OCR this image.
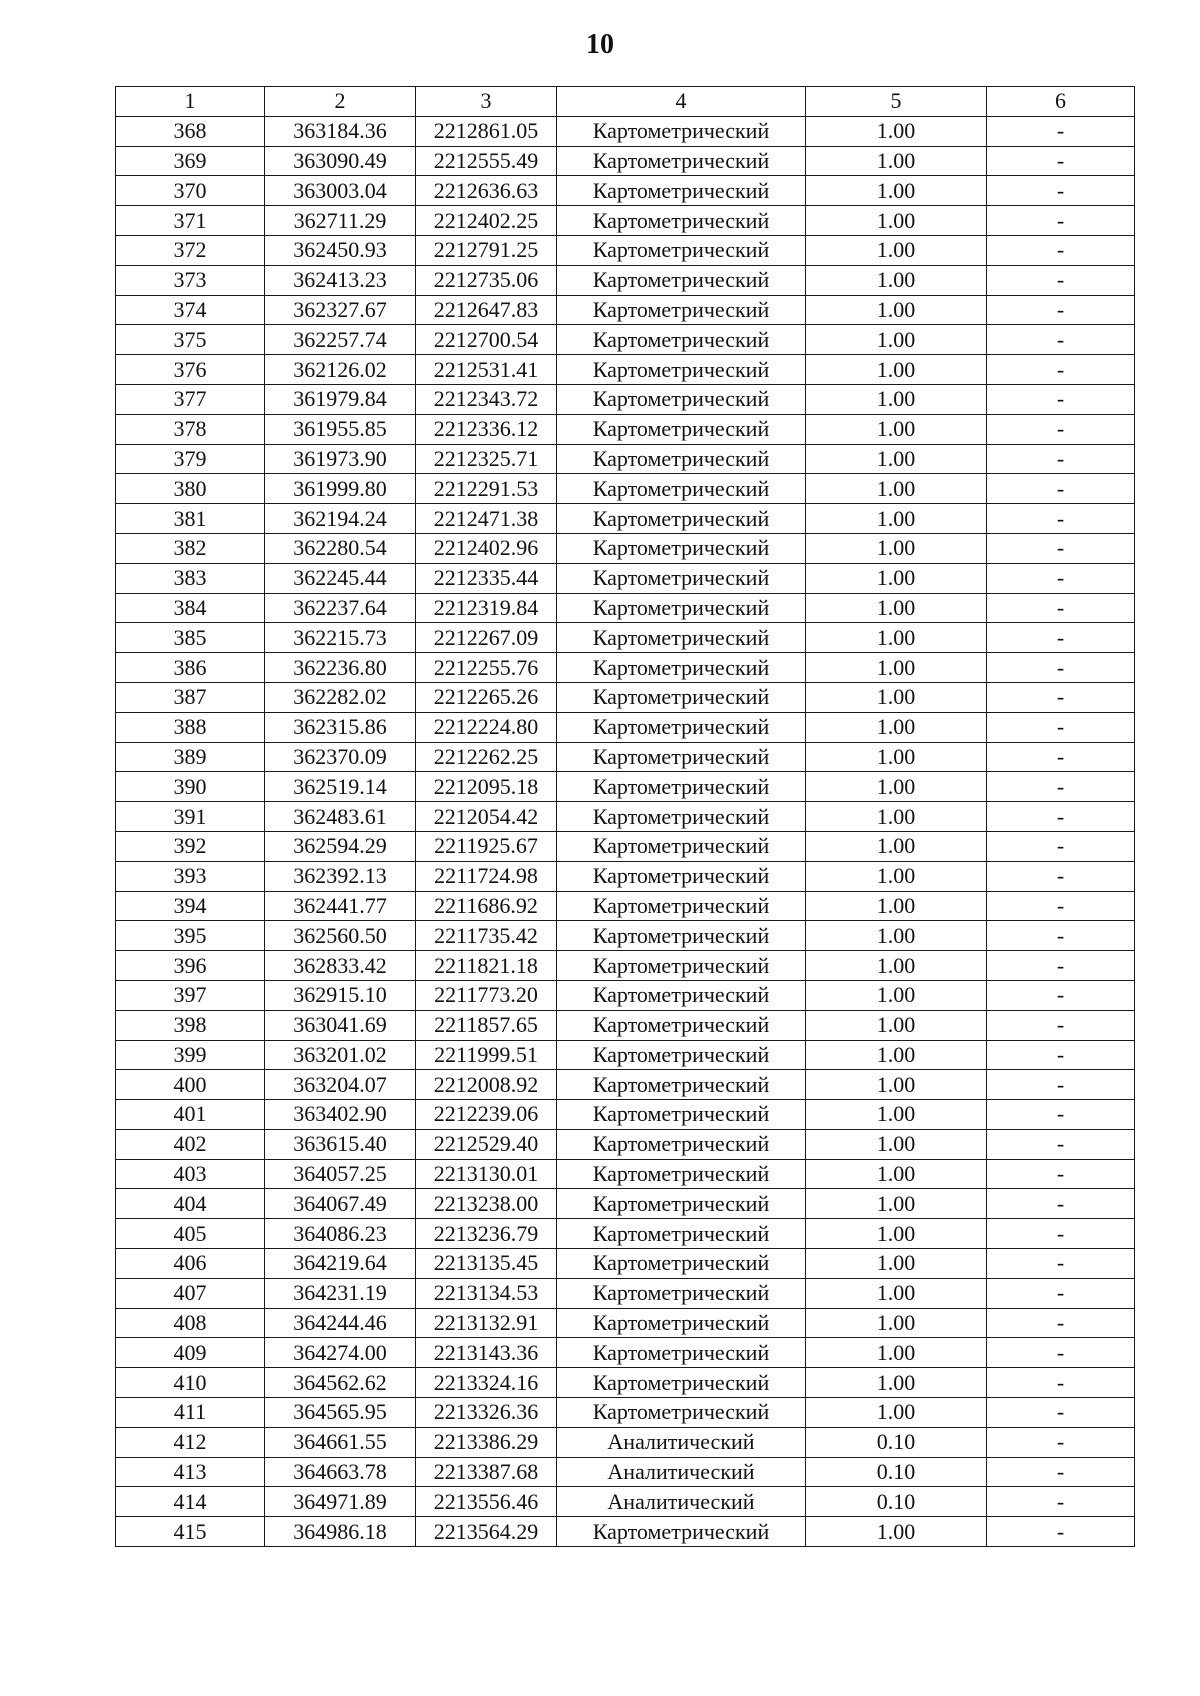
10
1	2	3	4	5	6
368	363184.36	2212861.05	Картометрический	1.00	-
369	363090.49	2212555.49	Картометрический	1.00	-
370	363003.04	2212636.63	Картометрический	1.00	-
371	362711.29	2212402.25	Картометрический	1.00	-
372	362450.93	2212791.25	Картометрический	1.00	-
373	362413.23	2212735.06	Картометрический	1.00	-
374	362327.67	2212647.83	Картометрический	1.00	-
375	362257.74	2212700.54	Картометрический	1.00	-
376	362126.02	2212531.41	Картометрический	1.00	-
377	361979.84	2212343.72	Картометрический	1.00	-
378	361955.85	2212336.12	Картометрический	1.00	-
379	361973.90	2212325.71	Картометрический	1.00	-
380	361999.80	2212291.53	Картометрический	1.00	-
381	362194.24	2212471.38	Картометрический	1.00	-
382	362280.54	2212402.96	Картометрический	1.00	-
383	362245.44	2212335.44	Картометрический	1.00	-
384	362237.64	2212319.84	Картометрический	1.00	-
385	362215.73	2212267.09	Картометрический	1.00	-
386	362236.80	2212255.76	Картометрический	1.00	-
387	362282.02	2212265.26	Картометрический	1.00	-
388	362315.86	2212224.80	Картометрический	1.00	-
389	362370.09	2212262.25	Картометрический	1.00	-
390	362519.14	2212095.18	Картометрический	1.00	-
391	362483.61	2212054.42	Картометрический	1.00	-
392	362594.29	2211925.67	Картометрический	1.00	-
393	362392.13	2211724.98	Картометрический	1.00	-
394	362441.77	2211686.92	Картометрический	1.00	-
395	362560.50	2211735.42	Картометрический	1.00	-
396	362833.42	2211821.18	Картометрический	1.00	-
397	362915.10	2211773.20	Картометрический	1.00	-
398	363041.69	2211857.65	Картометрический	1.00	-
399	363201.02	2211999.51	Картометрический	1.00	-
400	363204.07	2212008.92	Картометрический	1.00	-
401	363402.90	2212239.06	Картометрический	1.00	-
402	363615.40	2212529.40	Картометрический	1.00	-
403	364057.25	2213130.01	Картометрический	1.00	-
404	364067.49	2213238.00	Картометрический	1.00	-
405	364086.23	2213236.79	Картометрический	1.00	-
406	364219.64	2213135.45	Картометрический	1.00	-
407	364231.19	2213134.53	Картометрический	1.00	-
408	364244.46	2213132.91	Картометрический	1.00	-
409	364274.00	2213143.36	Картометрический	1.00	-
410	364562.62	2213324.16	Картометрический	1.00	-
411	364565.95	2213326.36	Картометрический	1.00	-
412	364661.55	2213386.29	Аналитический	0.10	-
413	364663.78	2213387.68	Аналитический	0.10	-
414	364971.89	2213556.46	Аналитический	0.10	-
415	364986.18	2213564.29	Картометрический	1.00	-
